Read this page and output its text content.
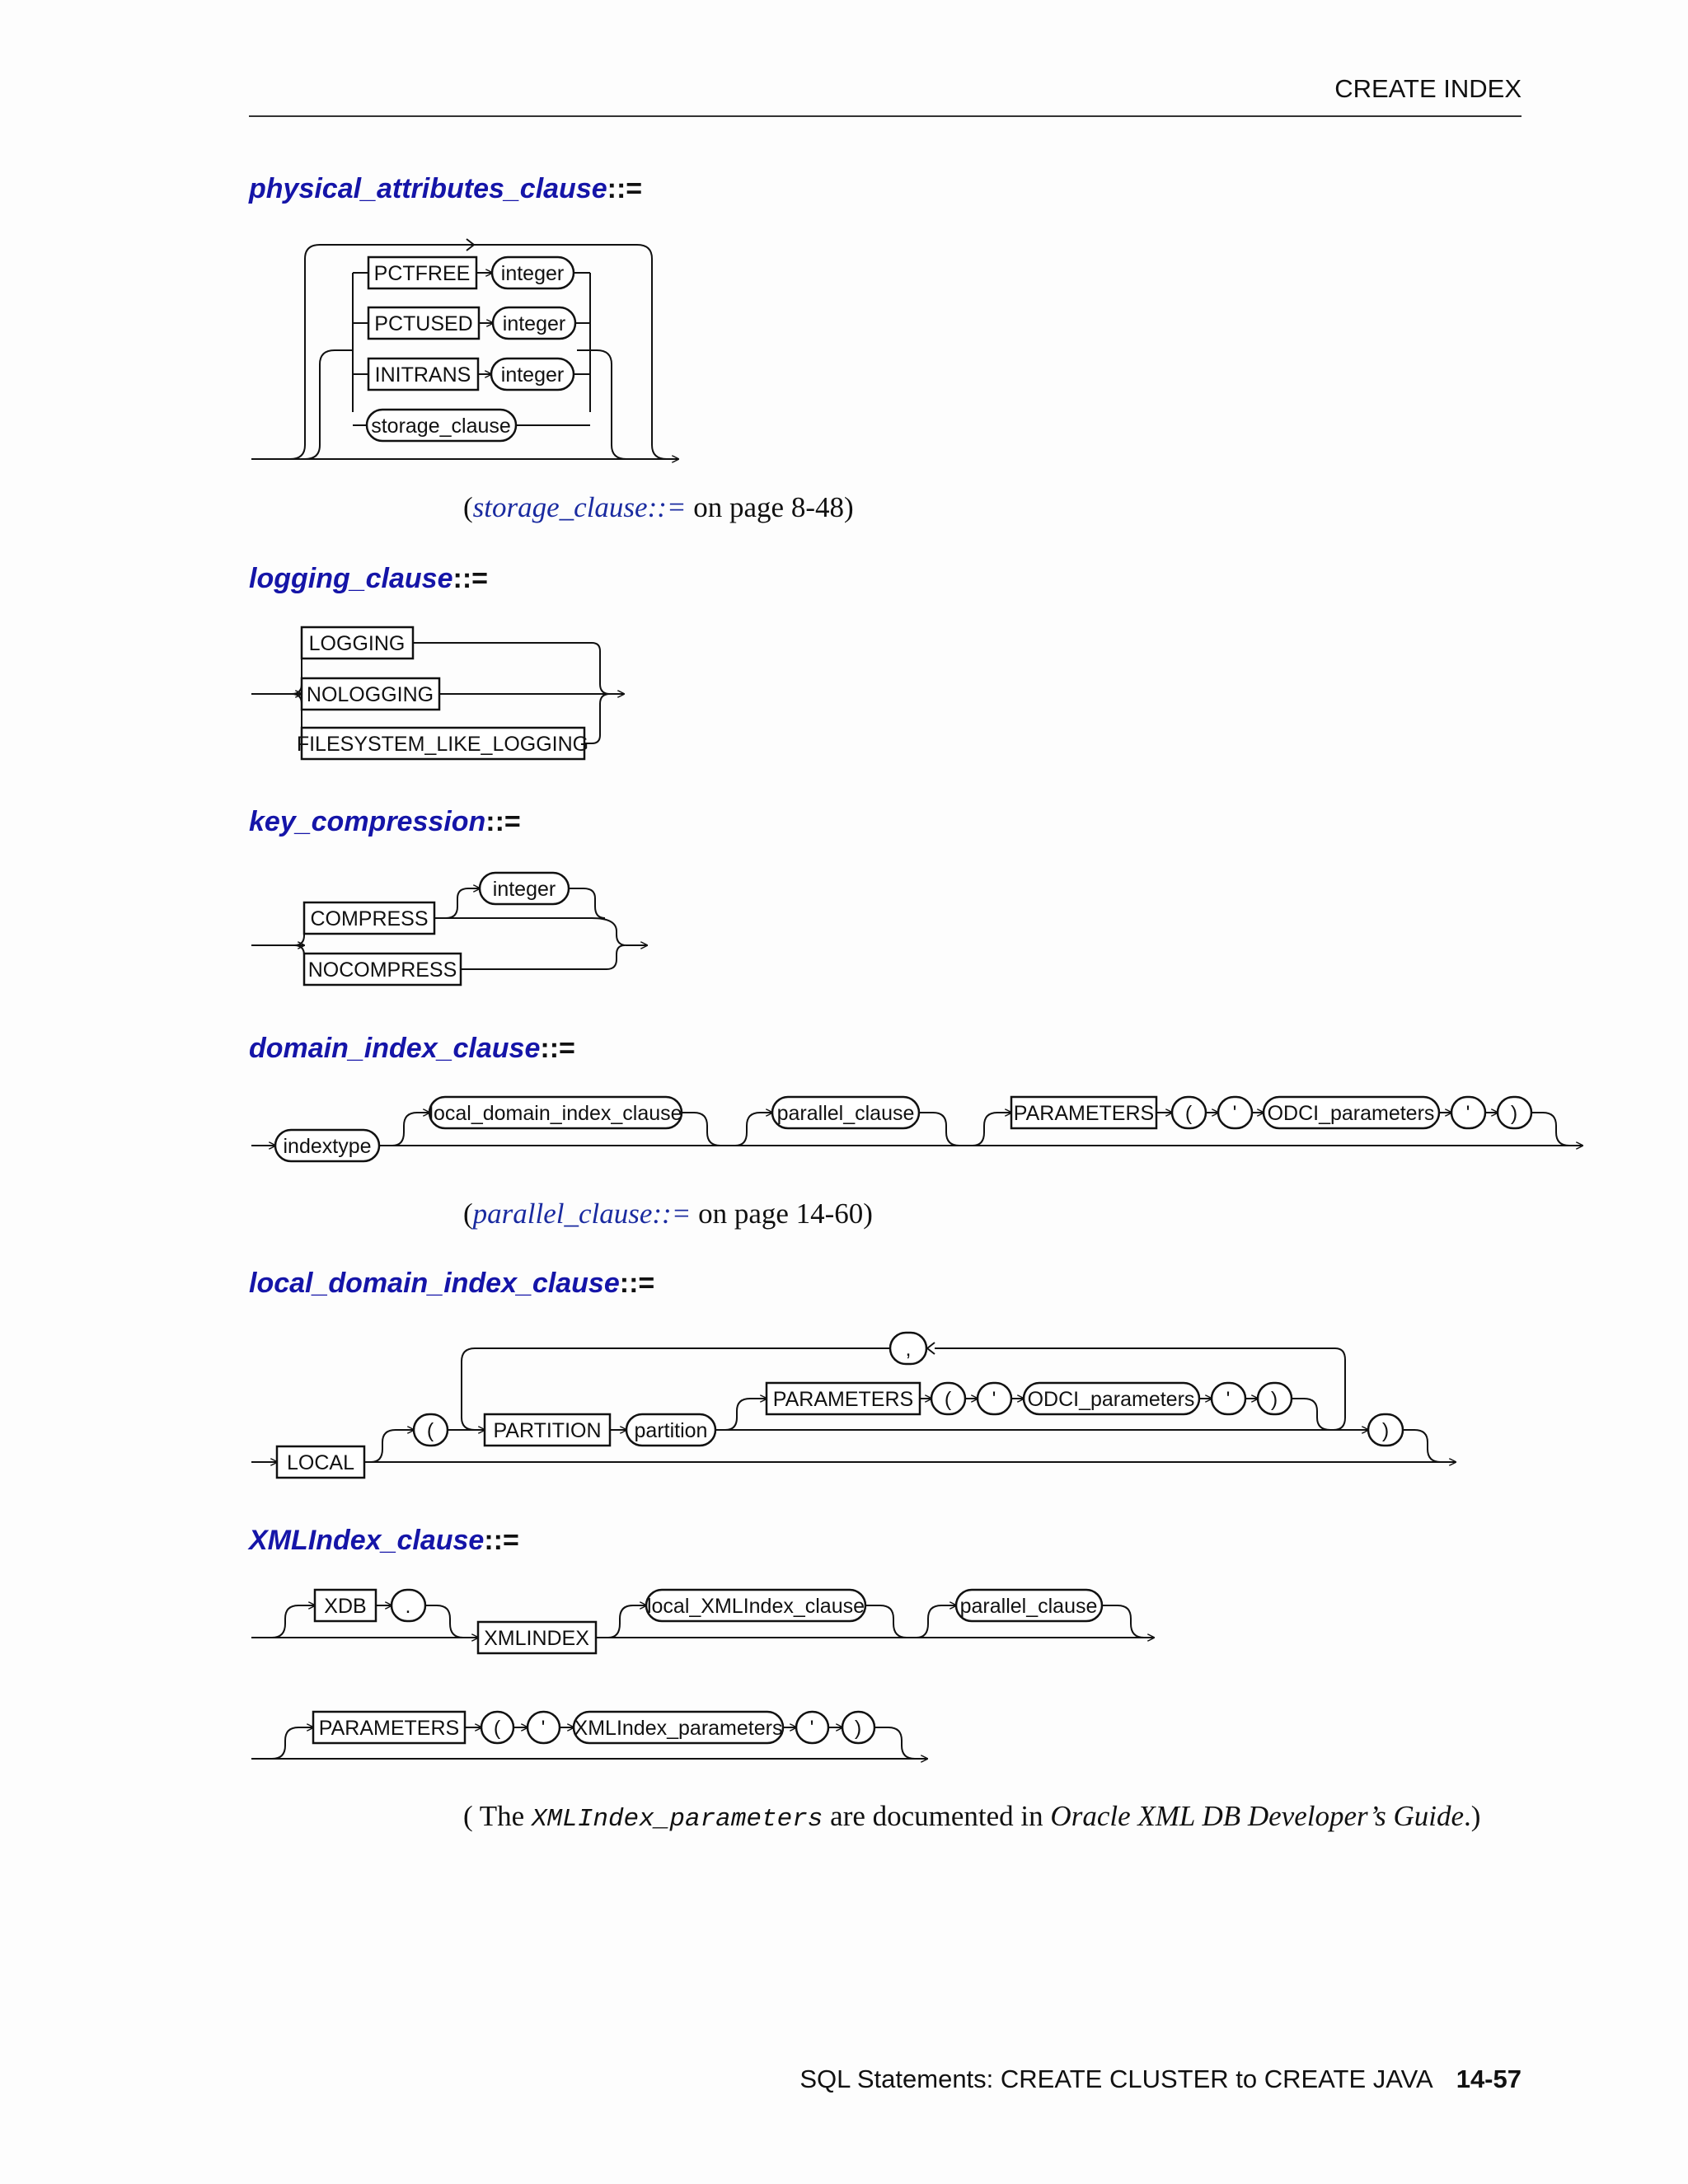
CREATE INDEX
physical_attributes_clause::=
logging_clause::=
key_compression::=
domain_index_clause::=
local_domain_index_clause::=
XMLIndex_clause::=
(storage_clause::= on page 8-48)
(parallel_clause::= on page 14-60)
( The XMLIndex_parameters are documented in Oracle XML DB Developer’s Guide.)
PCTFREE integer
PCTUSED integer
INITRANS integer
storage_clause
LOGGING
NOLOGGING
FILESYSTEM_LIKE_LOGGING
COMPRESS
integer
NOCOMPRESS
indextype
local_domain_index_clause	parallel_clause	PARAMETERS ( ' ODCI_parameters ' )
,
LOCAL
(	PARTITION partition
PARAMETERS ( ' ODCI_parameters ' )
)
XDB .
XMLINDEX
local_XMLIndex_clause	parallel_clause
PARAMETERS ( ' XMLIndex_parameters ' )
SQL Statements: CREATE CLUSTER to CREATE JAVA 14-57
